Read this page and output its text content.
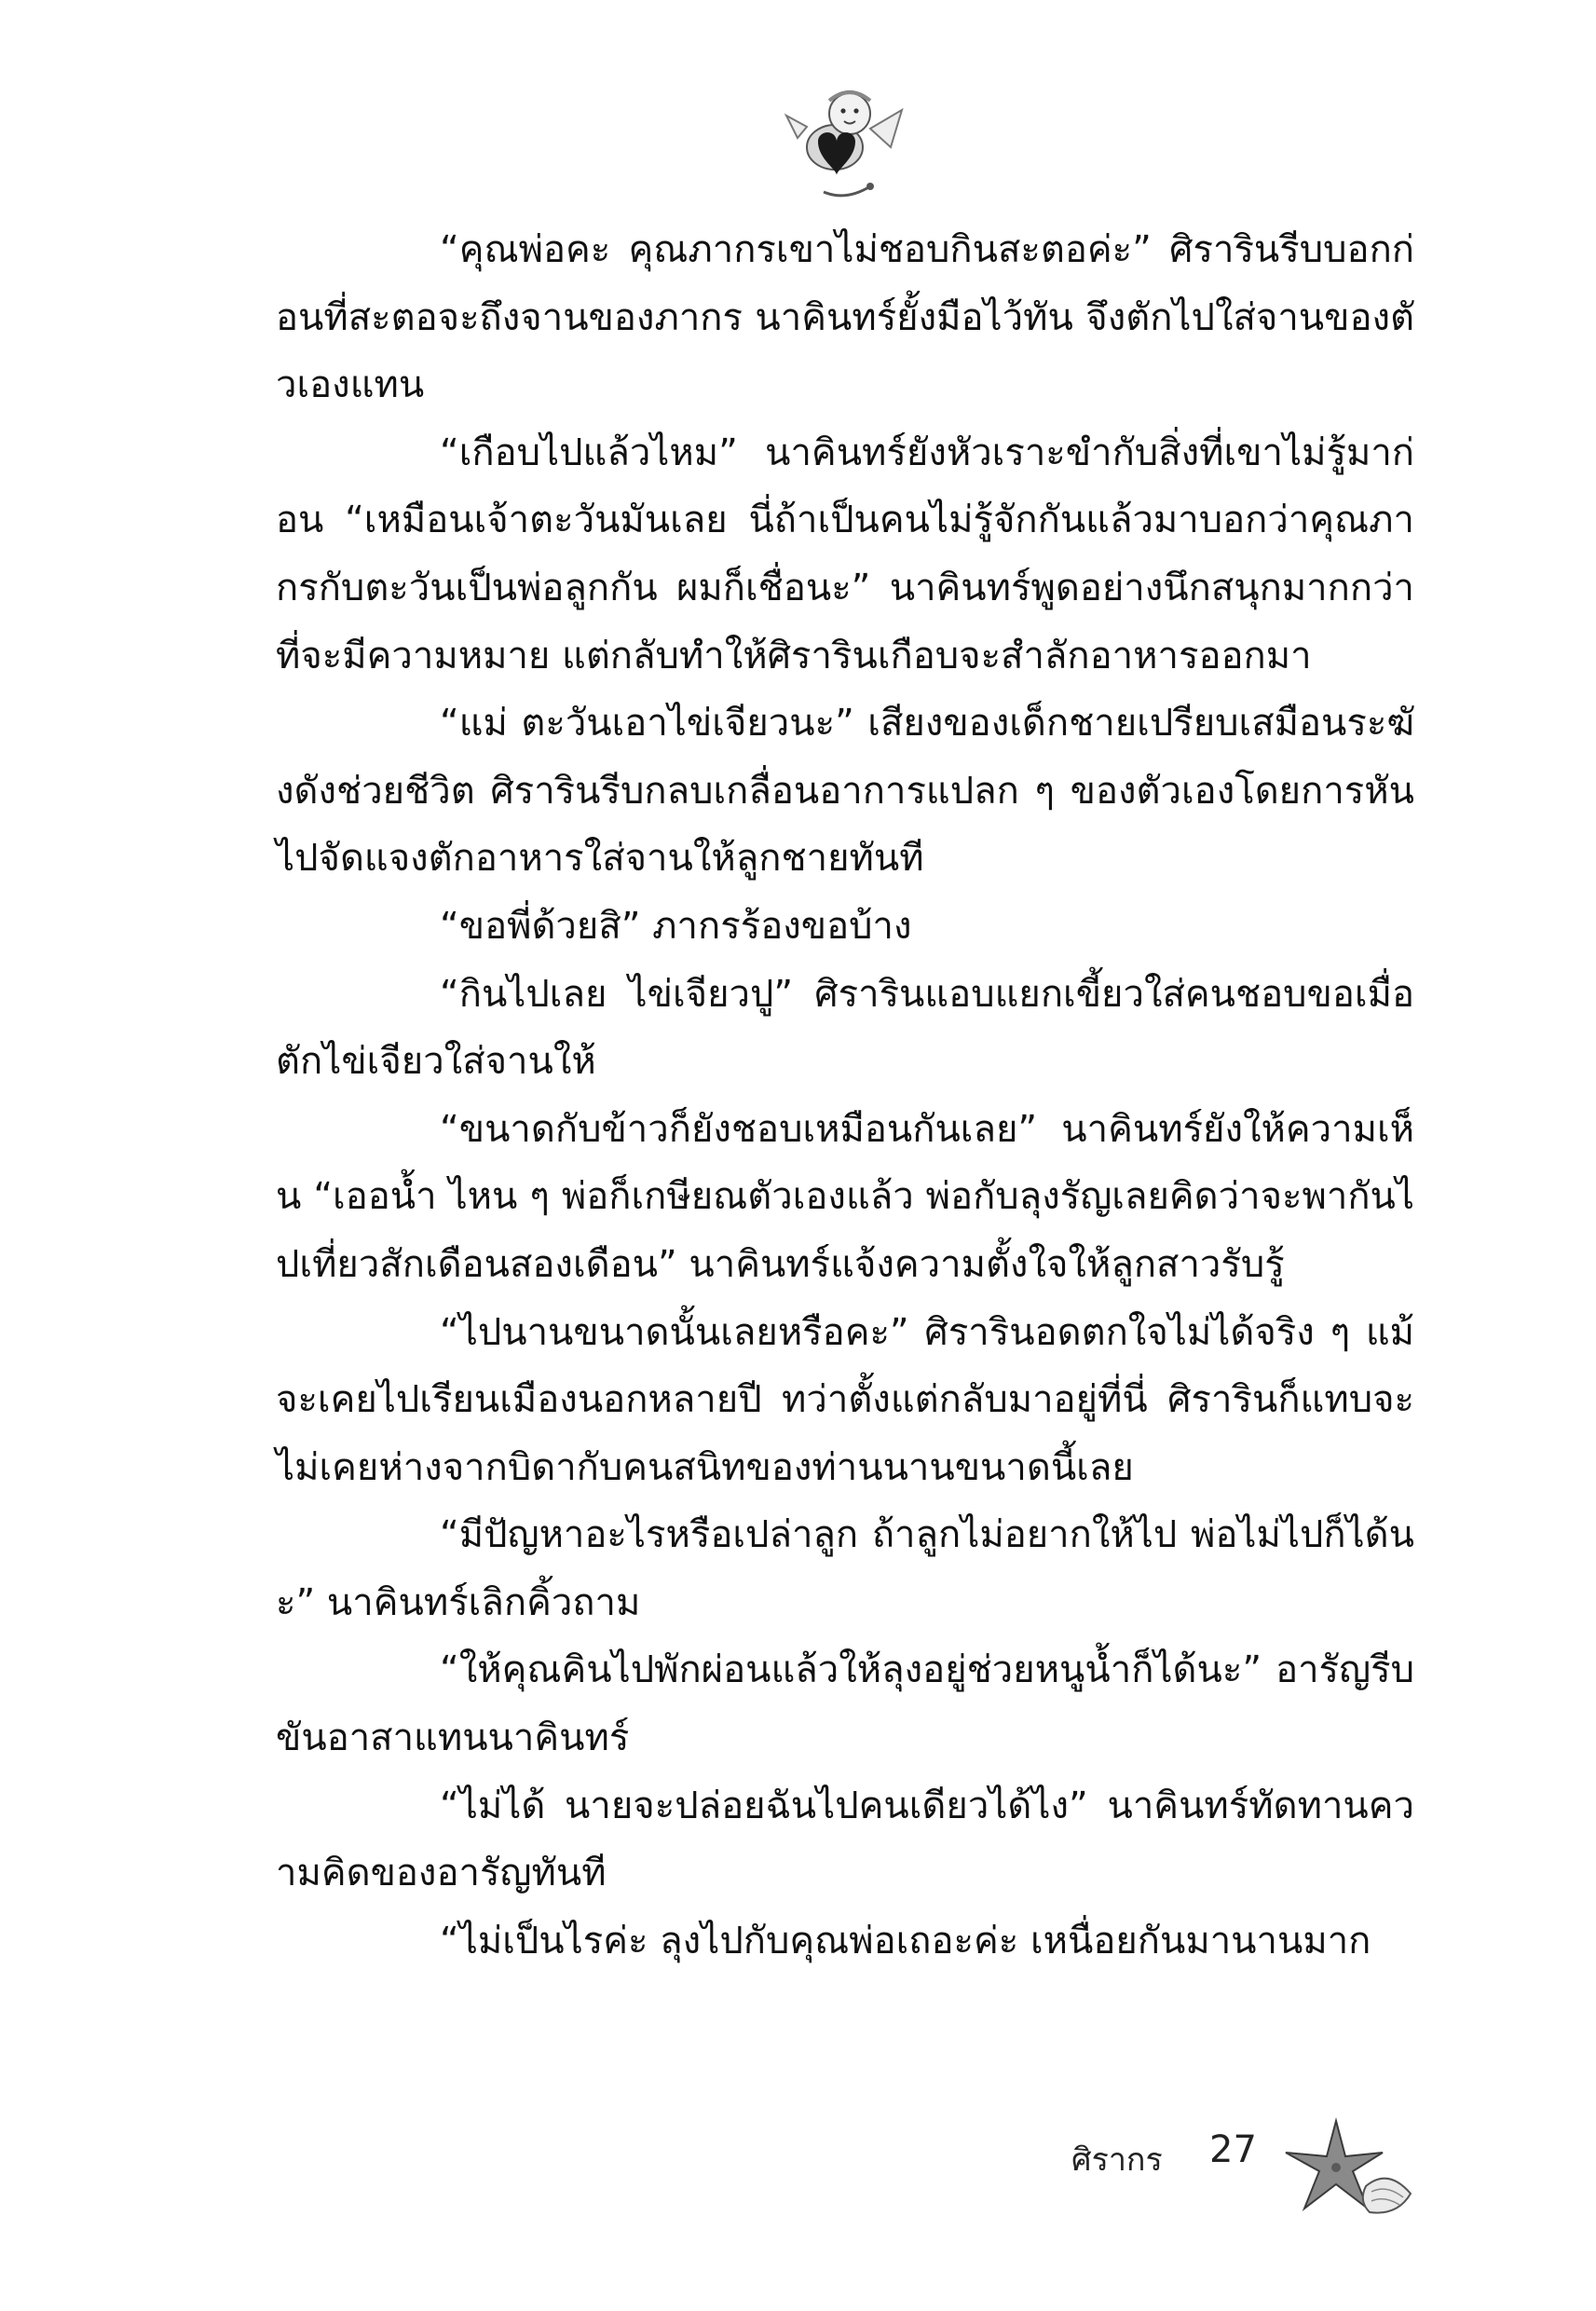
“คุณพ่อคะ คุณภากรเขาไม่ชอบกินสะตอค่ะ” ศิรารินรีบบอกก่อนที่สะตอจะถึงจานของภากร นาคินทร์ยั้งมือไว้ทัน จึงตักไปใส่จานของตัวเองแทน

“เกือบไปแล้วไหม” นาคินทร์ยังหัวเราะขำกับสิ่งที่เขาไม่รู้มาก่อน “เหมือนเจ้าตะวันมันเลย นี่ถ้าเป็นคนไม่รู้จักกันแล้วมาบอกว่าคุณภากรกับตะวันเป็นพ่อลูกกัน ผมก็เชื่อนะ” นาคินทร์พูดอย่างนึกสนุกมากกว่าที่จะมีความหมาย แต่กลับทำให้ศิรารินเกือบจะสำลักอาหารออกมา

“แม่ ตะวันเอาไข่เจียวนะ” เสียงของเด็กชายเปรียบเสมือนระฆังดังช่วยชีวิต ศิรารินรีบกลบเกลื่อนอาการแปลก ๆ ของตัวเองโดยการหันไปจัดแจงตักอาหารใส่จานให้ลูกชายทันที

“ขอพี่ด้วยสิ” ภากรร้องขอบ้าง

“กินไปเลย ไข่เจียวปู” ศิรารินแอบแยกเขี้ยวใส่คนชอบขอเมื่อตักไข่เจียวใส่จานให้

“ขนาดกับข้าวก็ยังชอบเหมือนกันเลย” นาคินทร์ยังให้ความเห็น “เออน้ำ ไหน ๆ พ่อก็เกษียณตัวเองแล้ว พ่อกับลุงรัญเลยคิดว่าจะพากันไปเที่ยวสักเดือนสองเดือน” นาคินทร์แจ้งความตั้งใจให้ลูกสาวรับรู้

“ไปนานขนาดนั้นเลยหรือคะ” ศิรารินอดตกใจไม่ได้จริง ๆ แม้จะเคยไปเรียนเมืองนอกหลายปี ทว่าตั้งแต่กลับมาอยู่ที่นี่ ศิรารินก็แทบจะไม่เคยห่างจากบิดากับคนสนิทของท่านนานขนาดนี้เลย

“มีปัญหาอะไรหรือเปล่าลูก ถ้าลูกไม่อยากให้ไป พ่อไม่ไปก็ได้นะ” นาคินทร์เลิกคิ้วถาม

“ให้คุณคินไปพักผ่อนแล้วให้ลุงอยู่ช่วยหนูน้ำก็ได้นะ” อารัญรีบขันอาสาแทนนาคินทร์

“ไม่ได้ นายจะปล่อยฉันไปคนเดียวได้ไง” นาคินทร์ทัดทานความคิดของอารัญทันที

“ไม่เป็นไรค่ะ ลุงไปกับคุณพ่อเถอะค่ะ เหนื่อยกันมานานมาก

ศิรากร 27
